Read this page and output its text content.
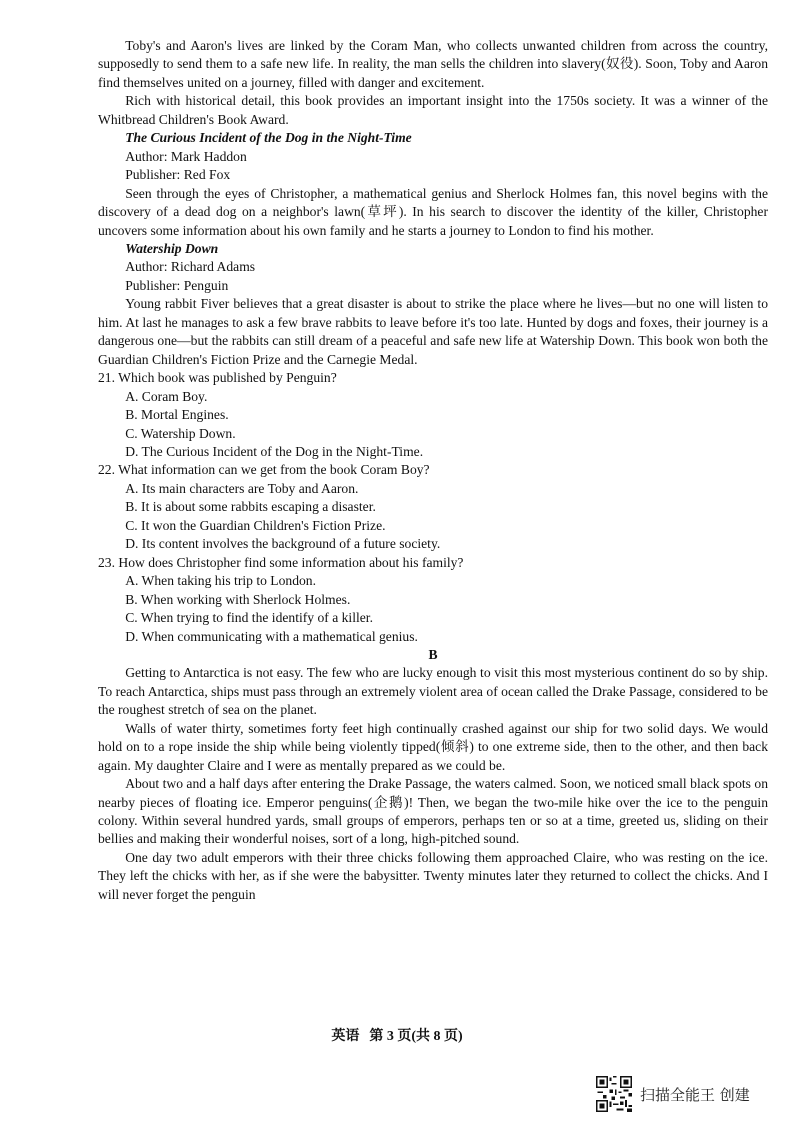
Toby's and Aaron's lives are linked by the Coram Man, who collects unwanted children from across the country, supposedly to send them to a safe new life. In reality, the man sells the children into slavery(奴役). Soon, Toby and Aaron find themselves united on a journey, filled with danger and excitement.

Rich with historical detail, this book provides an important insight into the 1750s society. It was a winner of the Whitbread Children's Book Award.

The Curious Incident of the Dog in the Night-Time

Author: Mark Haddon

Publisher: Red Fox

Seen through the eyes of Christopher, a mathematical genius and Sherlock Holmes fan, this novel begins with the discovery of a dead dog on a neighbor's lawn(草坪). In his search to discover the identity of the killer, Christopher uncovers some information about his own family and he starts a journey to London to find his mother.

Watership Down

Author: Richard Adams

Publisher: Penguin

Young rabbit Fiver believes that a great disaster is about to strike the place where he lives—but no one will listen to him. At last he manages to ask a few brave rabbits to leave before it's too late. Hunted by dogs and foxes, their journey is a dangerous one—but the rabbits can still dream of a peaceful and safe new life at Watership Down. This book won both the Guardian Children's Fiction Prize and the Carnegie Medal.

21. Which book was published by Penguin?

A. Coram Boy.

B. Mortal Engines.

C. Watership Down.

D. The Curious Incident of the Dog in the Night-Time.

22. What information can we get from the book Coram Boy?

A. Its main characters are Toby and Aaron.

B. It is about some rabbits escaping a disaster.

C. It won the Guardian Children's Fiction Prize.

D. Its content involves the background of a future society.

23. How does Christopher find some information about his family?

A. When taking his trip to London.

B. When working with Sherlock Holmes.

C. When trying to find the identify of a killer.

D. When communicating with a mathematical genius.

B

Getting to Antarctica is not easy. The few who are lucky enough to visit this most mysterious continent do so by ship. To reach Antarctica, ships must pass through an extremely violent area of ocean called the Drake Passage, considered to be the roughest stretch of sea on the planet.

Walls of water thirty, sometimes forty feet high continually crashed against our ship for two solid days. We would hold on to a rope inside the ship while being violently tipped(倾斜) to one extreme side, then to the other, and then back again. My daughter Claire and I were as mentally prepared as we could be.

About two and a half days after entering the Drake Passage, the waters calmed. Soon, we noticed small black spots on nearby pieces of floating ice. Emperor penguins(企鹅)! Then, we began the two-mile hike over the ice to the penguin colony. Within several hundred yards, small groups of emperors, perhaps ten or so at a time, greeted us, sliding on their bellies and making their wonderful noises, sort of a long, high-pitched sound.

One day two adult emperors with their three chicks following them approached Claire, who was resting on the ice. They left the chicks with her, as if she were the babysitter. Twenty minutes later they returned to collect the chicks. And I will never forget the penguin

英语 第 3 页(共 8 页)
扫描全能王 创建
